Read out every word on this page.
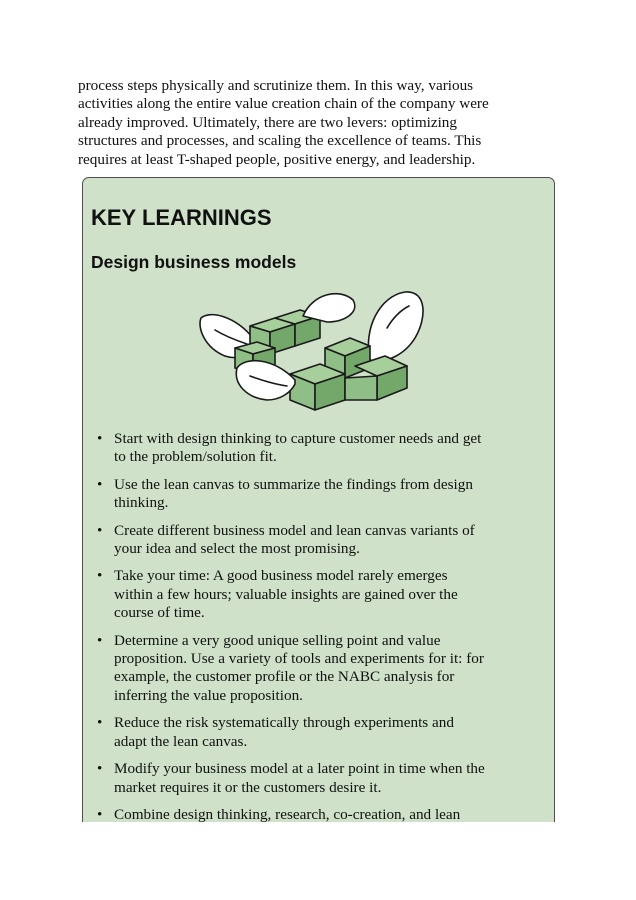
process steps physically and scrutinize them. In this way, various
activities along the entire value creation chain of the company were
already improved. Ultimately, there are two levers: optimizing
structures and processes, and scaling the excellence of teams. This
requires at least T-shaped people, positive energy, and leadership.

KEY LEARNINGS
Design business models
• Start with design thinking to capture customer needs and get
to the problem/solution fit.
• Use the lean canvas to summarize the findings from design
thinking.
• Create different business model and lean canvas variants of
your idea and select the most promising.
• Take your time: A good business model rarely emerges
within a few hours; valuable insights are gained over the
course of time.
• Determine a very good unique selling point and value
proposition. Use a variety of tools and experiments for it: for
example, the customer profile or the NABC analysis for
inferring the value proposition.
• Reduce the risk systematically through experiments and
adapt the lean canvas.
• Modify your business model at a later point in time when the
market requires it or the customers desire it.
• Combine design thinking, research, co-creation, and lean
